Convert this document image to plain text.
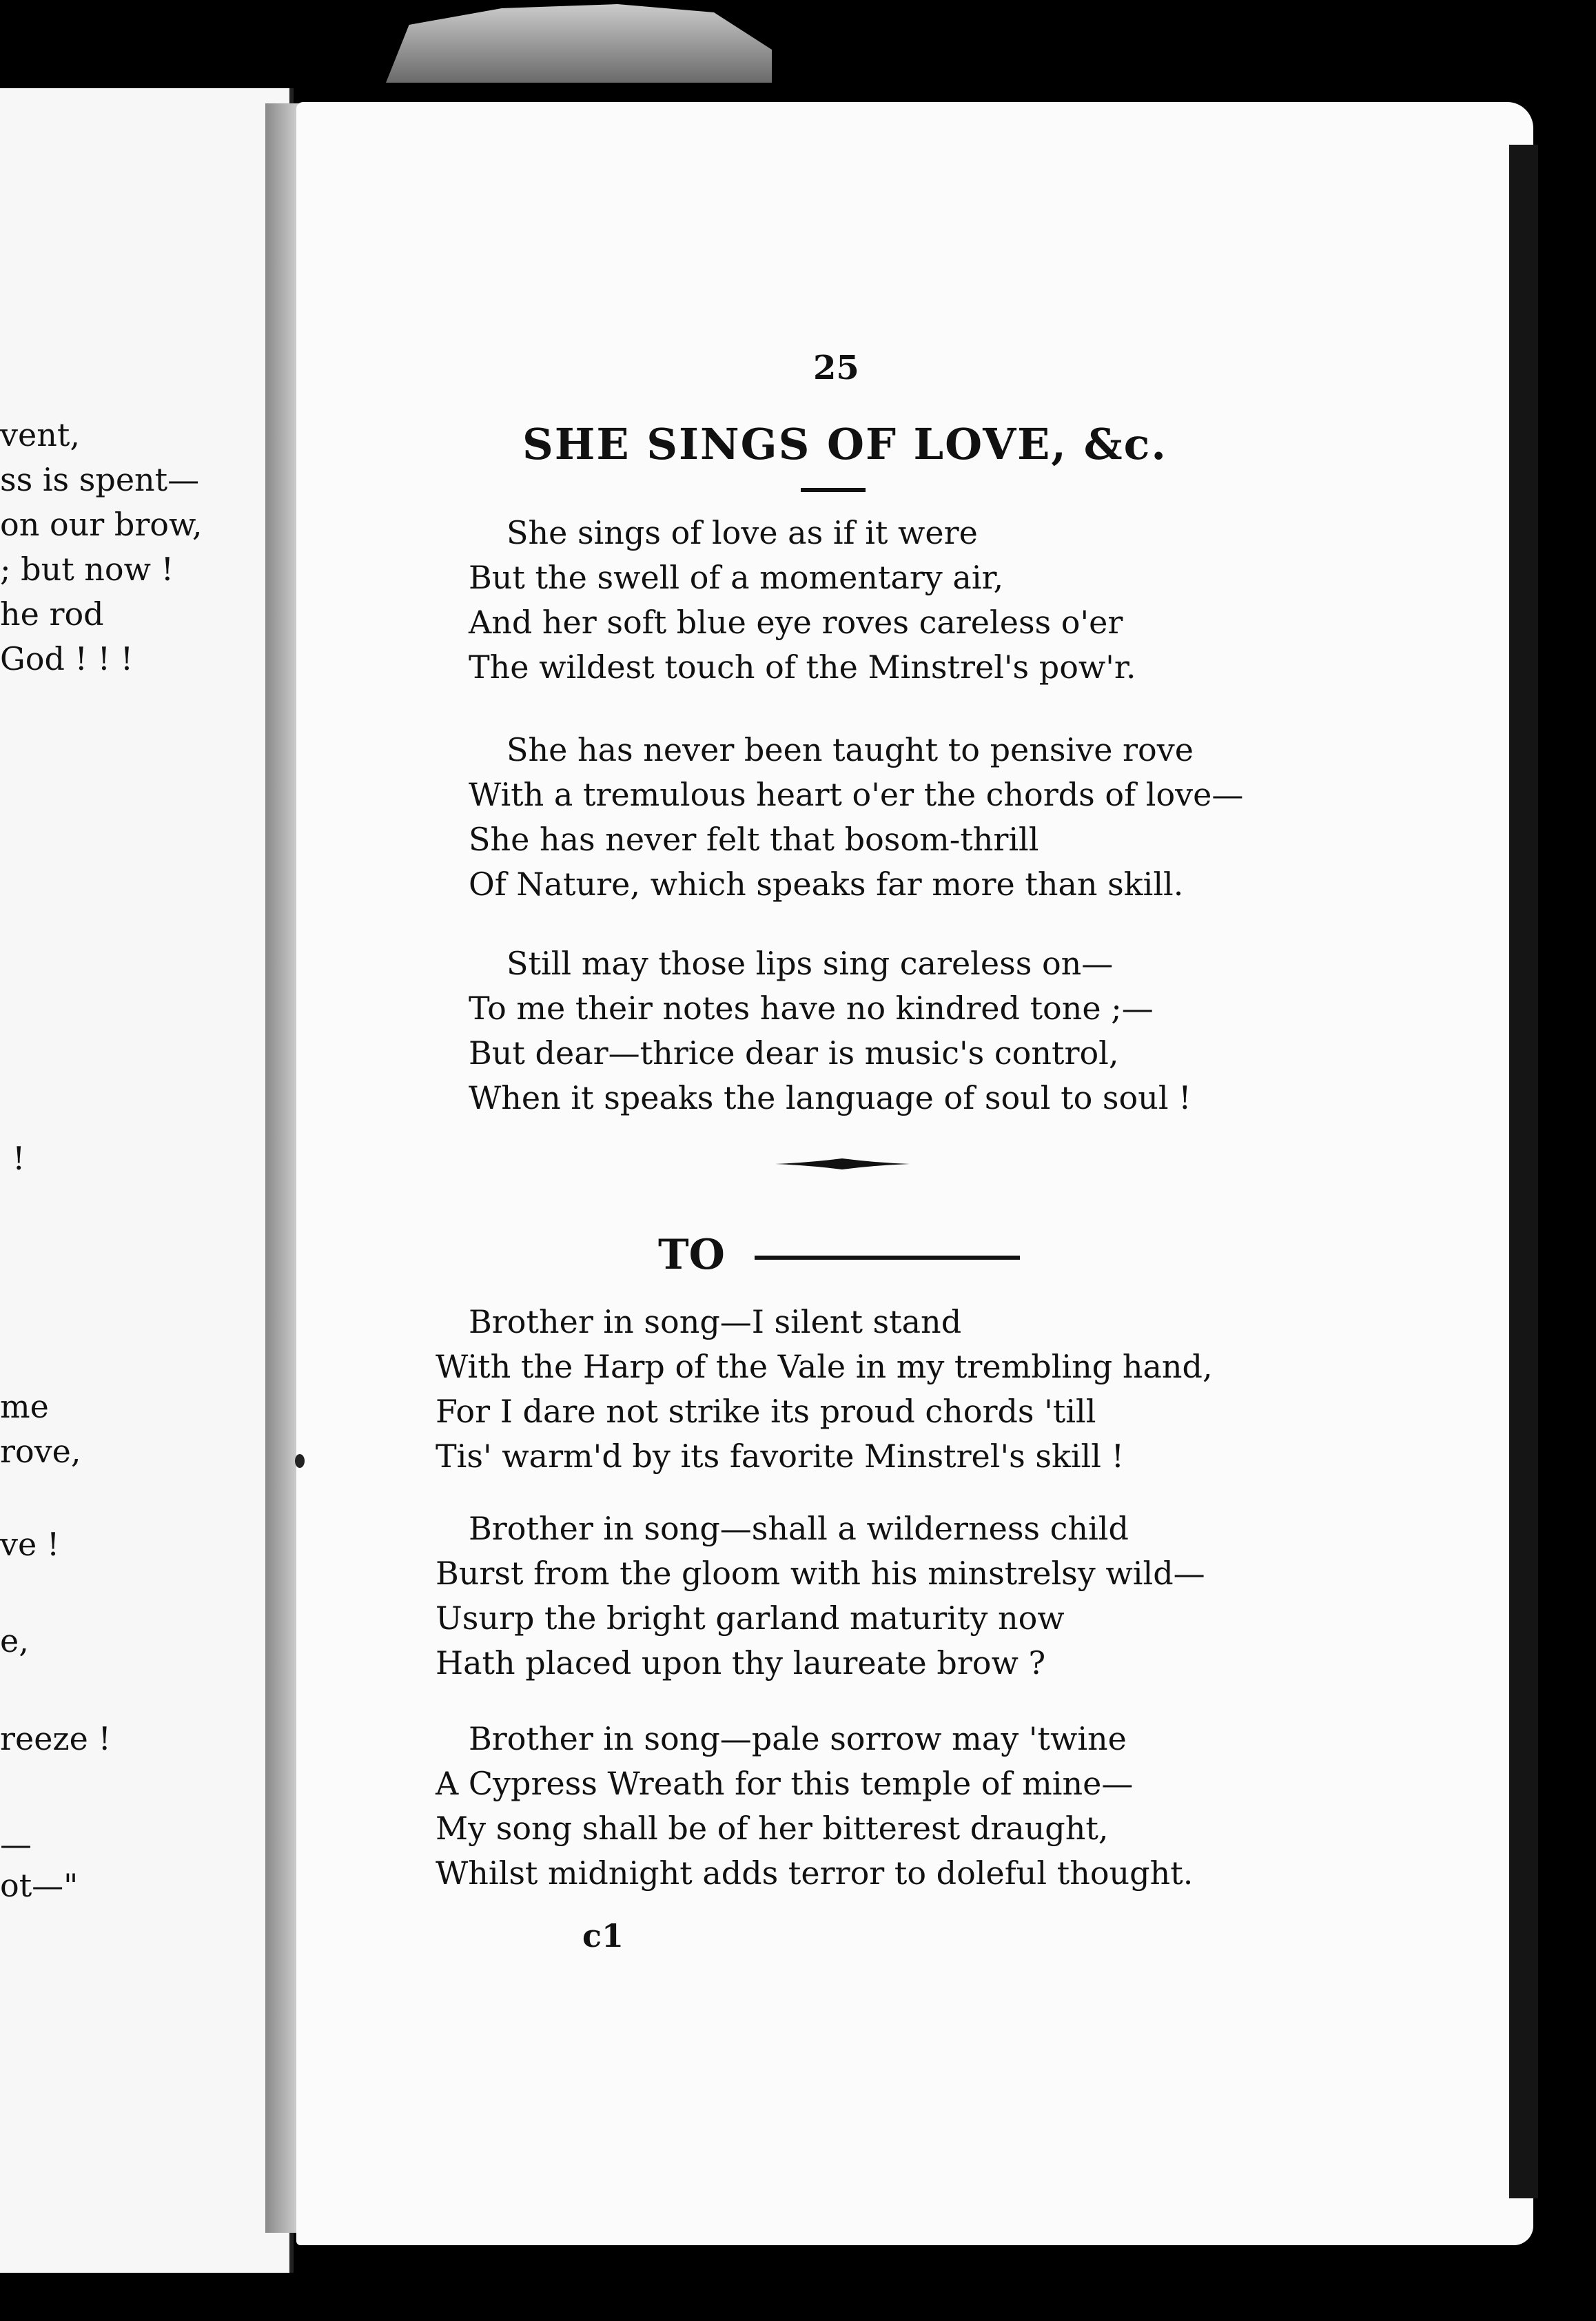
vent,
ss is spent—
on our brow,
; but now !
he rod
God ! ! !
!
me
rove,
ve !
e,
reeze !
—
ot—"
25
SHE SINGS OF LOVE, &c.
She sings of love as if it were
But the swell of a momentary air,
And her soft blue eye roves careless o'er
The wildest touch of the Minstrel's pow'r.
She has never been taught to pensive rove
With a tremulous heart o'er the chords of love—
She has never felt that bosom-thrill
Of Nature, which speaks far more than skill.
Still may those lips sing careless on—
To me their notes have no kindred tone ;—
But dear—thrice dear is music's control,
When it speaks the language of soul to soul !
TO
Brother in song—I silent stand
With the Harp of the Vale in my trembling hand,
For I dare not strike its proud chords 'till
Tis' warm'd by its favorite Minstrel's skill !
Brother in song—shall a wilderness child
Burst from the gloom with his minstrelsy wild—
Usurp the bright garland maturity now
Hath placed upon thy laureate brow ?
Brother in song—pale sorrow may 'twine
A Cypress Wreath for this temple of mine—
My song shall be of her bitterest draught,
Whilst midnight adds terror to doleful thought.
c1
